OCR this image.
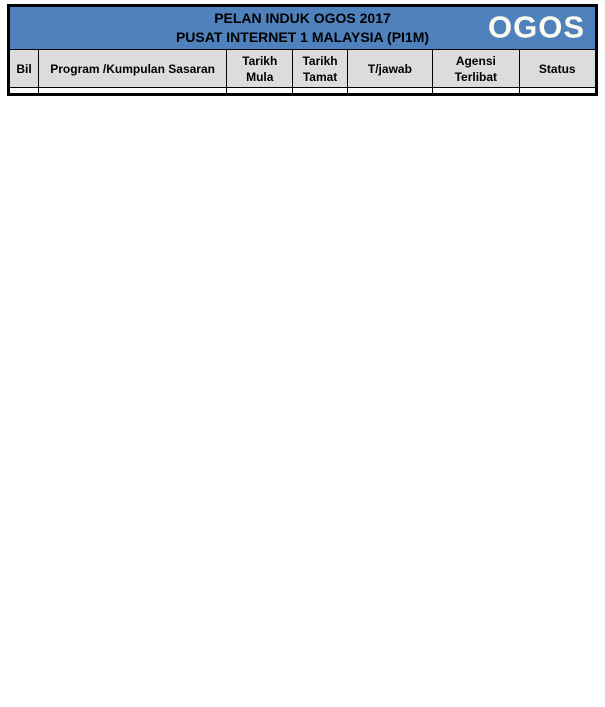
PELAN INDUK OGOS 2017
PUSAT INTERNET 1 MALAYSIA (PI1M) OGOS						

Bil	Program /Kumpulan Sasaran	Tarikh Mula	Tarikh Tamat	T/jawab	Agensi Terlibat	Status
